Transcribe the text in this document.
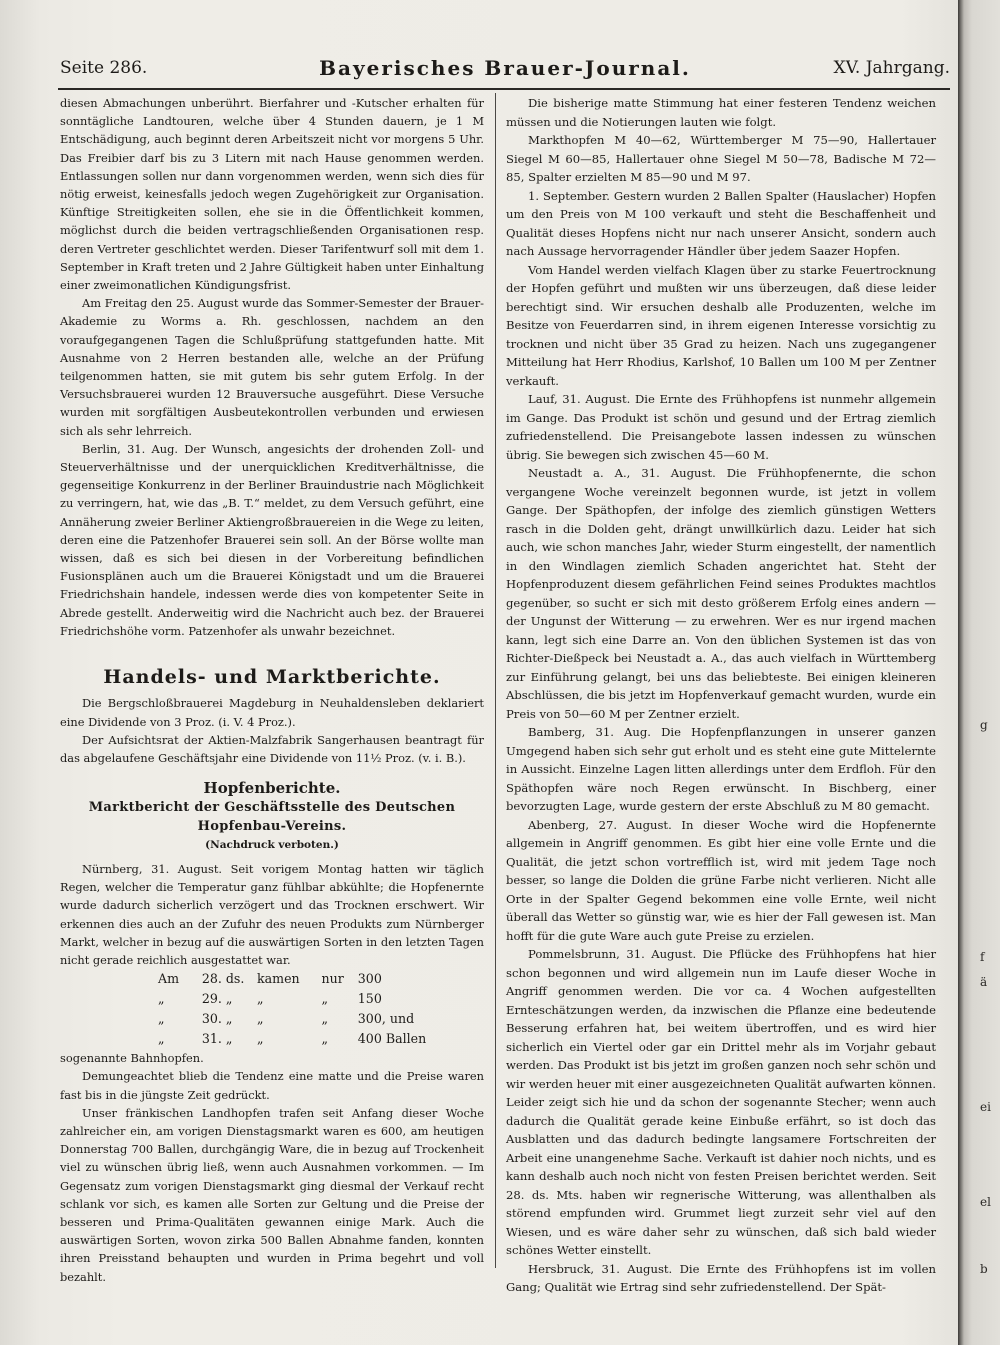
g
f
ä
ei
el
b
Seite 286.	Bayerisches Brauer-Journal.	XV. Jahrgang.

diesen Abmachungen unberührt. Bierfahrer und -Kutscher erhalten für sonntägliche Landtouren, welche über 4 Stunden dauern, je 1 M Entschädigung, auch beginnt deren Arbeitszeit nicht vor morgens 5 Uhr. Das Freibier darf bis zu 3 Litern mit nach Hause genommen werden. Entlassungen sollen nur dann vorgenommen werden, wenn sich dies für nötig erweist, keinesfalls jedoch wegen Zugehörigkeit zur Organisation. Künftige Streitigkeiten sollen, ehe sie in die Öffentlichkeit kommen, möglichst durch die beiden vertragschließenden Organisationen resp. deren Vertreter geschlichtet werden. Dieser Tarifentwurf soll mit dem 1. September in Kraft treten und 2 Jahre Gültigkeit haben unter Einhaltung einer zweimonatlichen Kündigungsfrist.

Am Freitag den 25. August wurde das Sommer-Semester der Brauer-Akademie zu Worms a. Rh. geschlossen, nachdem an den voraufgegangenen Tagen die Schlußprüfung stattgefunden hatte. Mit Ausnahme von 2 Herren bestanden alle, welche an der Prüfung teilgenommen hatten, sie mit gutem bis sehr gutem Erfolg. In der Versuchsbrauerei wurden 12 Brauversuche ausgeführt. Diese Versuche wurden mit sorgfältigen Ausbeutekontrollen verbunden und erwiesen sich als sehr lehrreich.

Berlin, 31. Aug. Der Wunsch, angesichts der drohenden Zoll- und Steuerverhältnisse und der unerquicklichen Kreditverhältnisse, die gegenseitige Konkurrenz in der Berliner Brauindustrie nach Möglichkeit zu verringern, hat, wie das „B. T.“ meldet, zu dem Versuch geführt, eine Annäherung zweier Berliner Aktiengroßbrauereien in die Wege zu leiten, deren eine die Patzenhofer Brauerei sein soll. An der Börse wollte man wissen, daß es sich bei diesen in der Vorbereitung befindlichen Fusionsplänen auch um die Brauerei Königstadt und um die Brauerei Friedrichshain handele, indessen werde dies von kompetenter Seite in Abrede gestellt. Anderweitig wird die Nachricht auch bez. der Brauerei Friedrichshöhe vorm. Patzenhofer als unwahr bezeichnet.

Handels- und Marktberichte.

Die Bergschloßbrauerei Magdeburg in Neuhaldensleben deklariert eine Dividende von 3 Proz. (i. V. 4 Proz.).

Der Aufsichtsrat der Aktien-Malzfabrik Sangerhausen beantragt für das abgelaufene Geschäftsjahr eine Dividende von 11½ Proz. (v. i. B.).

Hopfenberichte.
Marktbericht der Geschäftsstelle des Deutschen Hopfenbau-Vereins.

(Nachdruck verboten.)

Nürnberg, 31. August. Seit vorigem Montag hatten wir täglich Regen, welcher die Temperatur ganz fühlbar abkühlte; die Hopfenernte wurde dadurch sicherlich verzögert und das Trocknen erschwert. Wir erkennen dies auch an der Zufuhr des neuen Produkts zum Nürnberger Markt, welcher in bezug auf die auswärtigen Sorten in den letzten Tagen nicht gerade reichlich ausgestattet war.

Am	28.	ds.	kamen	nur	300
„	29.	„	„	„	150
„	30.	„	„	„	300, und
„	31.	„	„	„	400 Ballen

sogenannte Bahnhopfen.

Demungeachtet blieb die Tendenz eine matte und die Preise waren fast bis in die jüngste Zeit gedrückt.

Unser fränkischen Landhopfen trafen seit Anfang dieser Woche zahlreicher ein, am vorigen Dienstagsmarkt waren es 600, am heutigen Donnerstag 700 Ballen, durchgängig Ware, die in bezug auf Trockenheit viel zu wünschen übrig ließ, wenn auch Ausnahmen vorkommen. — Im Gegensatz zum vorigen Dienstagsmarkt ging diesmal der Verkauf recht schlank vor sich, es kamen alle Sorten zur Geltung und die Preise der besseren und Prima-Qualitäten gewannen einige Mark. Auch die auswärtigen Sorten, wovon zirka 500 Ballen Abnahme fanden, konnten ihren Preisstand behaupten und wurden in Prima begehrt und voll bezahlt.

Die bisherige matte Stimmung hat einer festeren Tendenz weichen müssen und die Notierungen lauten wie folgt.

Markthopfen M 40—62, Württemberger M 75—90, Hallertauer Siegel M 60—85, Hallertauer ohne Siegel M 50—78, Badische M 72—85, Spalter erzielten M 85—90 und M 97.

1. September. Gestern wurden 2 Ballen Spalter (Hauslacher) Hopfen um den Preis von M 100 verkauft und steht die Beschaffenheit und Qualität dieses Hopfens nicht nur nach unserer Ansicht, sondern auch nach Aussage hervorragender Händler über jedem Saazer Hopfen.

Vom Handel werden vielfach Klagen über zu starke Feuertrocknung der Hopfen geführt und mußten wir uns überzeugen, daß diese leider berechtigt sind. Wir ersuchen deshalb alle Produzenten, welche im Besitze von Feuerdarren sind, in ihrem eigenen Interesse vorsichtig zu trocknen und nicht über 35 Grad zu heizen. Nach uns zugegangener Mitteilung hat Herr Rhodius, Karlshof, 10 Ballen um 100 M per Zentner verkauft.

Lauf, 31. August. Die Ernte des Frühhopfens ist nunmehr allgemein im Gange. Das Produkt ist schön und gesund und der Ertrag ziemlich zufriedenstellend. Die Preisangebote lassen indessen zu wünschen übrig. Sie bewegen sich zwischen 45—60 M.

Neustadt a. A., 31. August. Die Frühhopfenernte, die schon vergangene Woche vereinzelt begonnen wurde, ist jetzt in vollem Gange. Der Späthopfen, der infolge des ziemlich günstigen Wetters rasch in die Dolden geht, drängt unwillkürlich dazu. Leider hat sich auch, wie schon manches Jahr, wieder Sturm eingestellt, der namentlich in den Windlagen ziemlich Schaden angerichtet hat. Steht der Hopfenproduzent diesem gefährlichen Feind seines Produktes machtlos gegenüber, so sucht er sich mit desto größerem Erfolg eines andern — der Ungunst der Witterung — zu erwehren. Wer es nur irgend machen kann, legt sich eine Darre an. Von den üblichen Systemen ist das von Richter-Dießpeck bei Neustadt a. A., das auch vielfach in Württemberg zur Einführung gelangt, bei uns das beliebteste. Bei einigen kleineren Abschlüssen, die bis jetzt im Hopfenverkauf gemacht wurden, wurde ein Preis von 50—60 M per Zentner erzielt.

Bamberg, 31. Aug. Die Hopfenpflanzungen in unserer ganzen Umgegend haben sich sehr gut erholt und es steht eine gute Mittelernte in Aussicht. Einzelne Lagen litten allerdings unter dem Erdfloh. Für den Späthopfen wäre noch Regen erwünscht. In Bischberg, einer bevorzugten Lage, wurde gestern der erste Abschluß zu M 80 gemacht.

Abenberg, 27. August. In dieser Woche wird die Hopfenernte allgemein in Angriff genommen. Es gibt hier eine volle Ernte und die Qualität, die jetzt schon vortrefflich ist, wird mit jedem Tage noch besser, so lange die Dolden die grüne Farbe nicht verlieren. Nicht alle Orte in der Spalter Gegend bekommen eine volle Ernte, weil nicht überall das Wetter so günstig war, wie es hier der Fall gewesen ist. Man hofft für die gute Ware auch gute Preise zu erzielen.

Pommelsbrunn, 31. August. Die Pflücke des Frühhopfens hat hier schon begonnen und wird allgemein nun im Laufe dieser Woche in Angriff genommen werden. Die vor ca. 4 Wochen aufgestellten Ernteschätzungen werden, da inzwischen die Pflanze eine bedeutende Besserung erfahren hat, bei weitem übertroffen, und es wird hier sicherlich ein Viertel oder gar ein Drittel mehr als im Vorjahr gebaut werden. Das Produkt ist bis jetzt im großen ganzen noch sehr schön und wir werden heuer mit einer ausgezeichneten Qualität aufwarten können. Leider zeigt sich hie und da schon der sogenannte Stecher; wenn auch dadurch die Qualität gerade keine Einbuße erfährt, so ist doch das Ausblatten und das dadurch bedingte langsamere Fortschreiten der Arbeit eine unangenehme Sache. Verkauft ist dahier noch nichts, und es kann deshalb auch noch nicht von festen Preisen berichtet werden. Seit 28. ds. Mts. haben wir regnerische Witterung, was allenthalben als störend empfunden wird. Grummet liegt zurzeit sehr viel auf den Wiesen, und es wäre daher sehr zu wünschen, daß sich bald wieder schönes Wetter einstellt.

Hersbruck, 31. August. Die Ernte des Frühhopfens ist im vollen Gang; Qualität wie Ertrag sind sehr zufriedenstellend. Der Spät-
